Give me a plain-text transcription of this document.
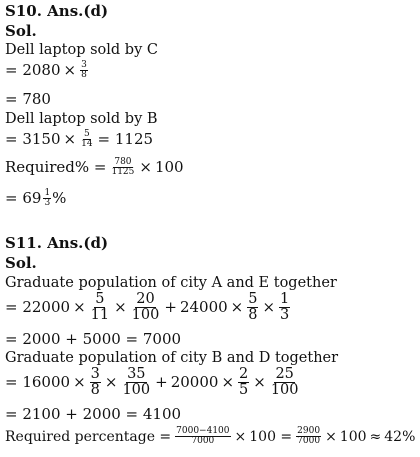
S10. Ans.(d)
Sol.
Dell laptop sold by C
= $2080 \times \frac{3}{8}$
= 780
Dell laptop sold by B
= $3150 \times \frac{5}{14} = 1125$
Required% = $\frac{780}{1125} \times 100$
= $69 \frac{1}{3}$ %
S11. Ans.(d)
Sol.
Graduate population of city A and E together
= $22000 \times \frac{5}{11} \times \frac{20}{100} + 24000 \times \frac{5}{8} \times \frac{1}{3}$
= 2000 + 5000 = 7000
Graduate population of city B and D together
= $16000 \times \frac{3}{8} \times \frac{35}{100} + 20000 \times \frac{2}{5} \times \frac{25}{100}$
= 2100 + 2000 = 4100
Required percentage = $\frac{7000-4100}{7000} \times 100 = \frac{2900}{7000} \times 100 \approx 42\%$
